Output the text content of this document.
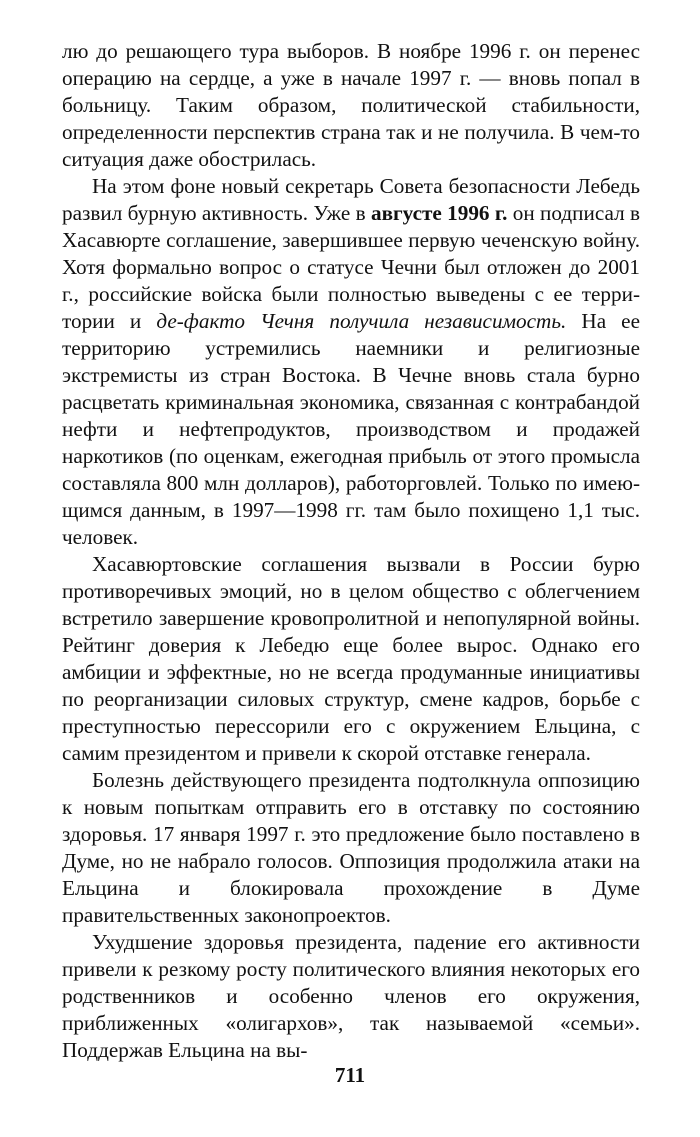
лю до решающего тура выборов. В ноябре 1996 г. он перенес операцию на сердце, а уже в начале 1997 г. — вновь попал в больницу. Таким образом, политической стабильности, определенности перспектив страна так и не получила. В чем-то ситуация даже обострилась.

На этом фоне новый секретарь Совета безопасности Лебедь развил бурную активность. Уже в августе 1996 г. он подписал в Хасавюрте соглашение, завершившее первую чеченскую войну. Хотя формально вопрос о статусе Чечни был отложен до 2001 г., российские войска были полностью выведены с ее территории и де-факто Чечня получила независимость. На ее территорию устремились наемники и религиозные экстремисты из стран Востока. В Чечне вновь стала бурно расцветать криминальная экономика, связанная с контрабандой нефти и нефтепродуктов, производством и продажей наркотиков (по оценкам, ежегодная прибыль от этого промысла составляла 800 млн долларов), работорговлей. Только по имеющимся данным, в 1997—1998 гг. там было похищено 1,1 тыс. человек.

Хасавюртовские соглашения вызвали в России бурю противоречивых эмоций, но в целом общество с облегчением встретило завершение кровопролитной и непопулярной войны. Рейтинг доверия к Лебедю еще более вырос. Однако его амбиции и эффектные, но не всегда продуманные инициативы по реорганизации силовых структур, смене кадров, борьбе с преступностью перессорили его с окружением Ельцина, с самим президентом и привели к скорой отставке генерала.

Болезнь действующего президента подтолкнула оппозицию к новым попыткам отправить его в отставку по состоянию здоровья. 17 января 1997 г. это предложение было поставлено в Думе, но не набрало голосов. Оппозиция продолжила атаки на Ельцина и блокировала прохождение в Думе правительственных законопроектов.

Ухудшение здоровья президента, падение его активности привели к резкому росту политического влияния некоторых его родственников и особенно членов его окружения, приближенных «олигархов», так называемой «семьи». Поддержав Ельцина на вы-

711
